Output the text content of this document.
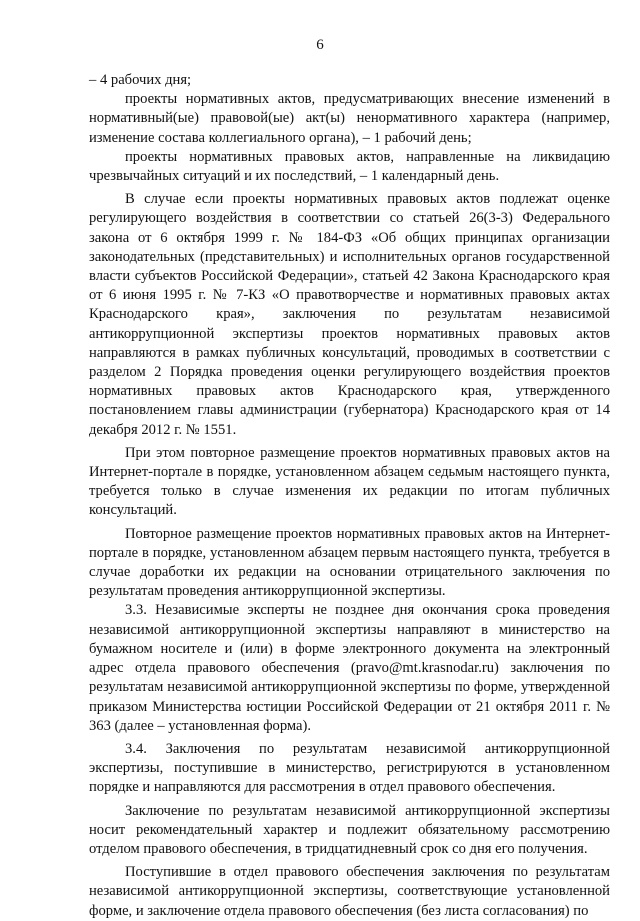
6

– 4 рабочих дня;

проекты нормативных актов, предусматривающих внесение изменений в нормативный(ые) правовой(ые) акт(ы) ненормативного характера (например, изменение состава коллегиального органа), – 1 рабочий день;

проекты нормативных правовых актов, направленные на ликвидацию чрезвычайных ситуаций и их последствий, – 1 календарный день.

В случае если проекты нормативных правовых актов подлежат оценке регулирующего воздействия в соответствии со статьей 26(3-3) Федерального закона от 6 октября 1999 г. № 184-ФЗ «Об общих принципах организации законодательных (представительных) и исполнительных органов государственной власти субъектов Российской Федерации», статьей 42 Закона Краснодарского края от 6 июня 1995 г. № 7-КЗ «О правотворчестве и нормативных правовых актах Краснодарского края», заключения по результатам независимой антикоррупционной экспертизы проектов нормативных правовых актов направляются в рамках публичных консультаций, проводимых в соответствии с разделом 2 Порядка проведения оценки регулирующего воздействия проектов нормативных правовых актов Краснодарского края, утвержденного постановлением главы администрации (губернатора) Краснодарского края от 14 декабря 2012 г. № 1551.

При этом повторное размещение проектов нормативных правовых актов на Интернет-портале в порядке, установленном абзацем седьмым настоящего пункта, требуется только в случае изменения их редакции по итогам публичных консультаций.

Повторное размещение проектов нормативных правовых актов на Интернет-портале в порядке, установленном абзацем первым настоящего пункта, требуется в случае доработки их редакции на основании отрицательного заключения по результатам проведения антикоррупционной экспертизы.

3.3. Независимые эксперты не позднее дня окончания срока проведения независимой антикоррупционной экспертизы направляют в министерство на бумажном носителе и (или) в форме электронного документа на электронный адрес отдела правового обеспечения (pravo@mt.krasnodar.ru) заключения по результатам независимой антикоррупционной экспертизы по форме, утвержденной приказом Министерства юстиции Российской Федерации от 21 октября 2011 г. № 363 (далее – установленная форма).

3.4. Заключения по результатам независимой антикоррупционной экспертизы, поступившие в министерство, регистрируются в установленном порядке и направляются для рассмотрения в отдел правового обеспечения.

Заключение по результатам независимой антикоррупционной экспертизы носит рекомендательный характер и подлежит обязательному рассмотрению отделом правового обеспечения, в тридцатидневный срок со дня его получения.

Поступившие в отдел правового обеспечения заключения по результатам независимой антикоррупционной экспертизы, соответствующие установленной форме, и заключение отдела правового обеспечения (без листа согласования) по
